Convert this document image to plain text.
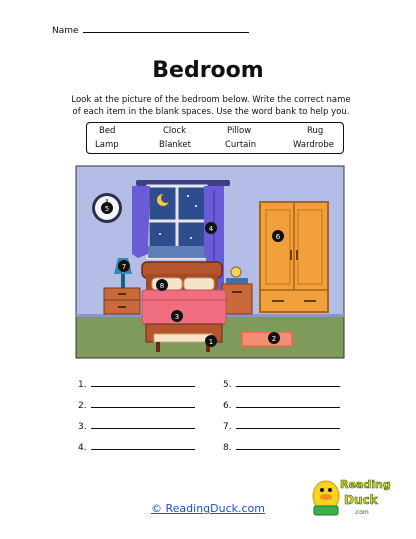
Name
Bedroom
Look at the picture of the bedroom below. Write the correct name of each item in the blank spaces. Use the word bank to help you.
Bed	Clock	Pillow	Rug
Lamp	Blanket	Curtain	Wardrobe
1	2
3
4
5
6
7
8
1.
2.
3.
4.
5.
6.
7.
8.
© ReadingDuck.com
Reading
Duck
.com
